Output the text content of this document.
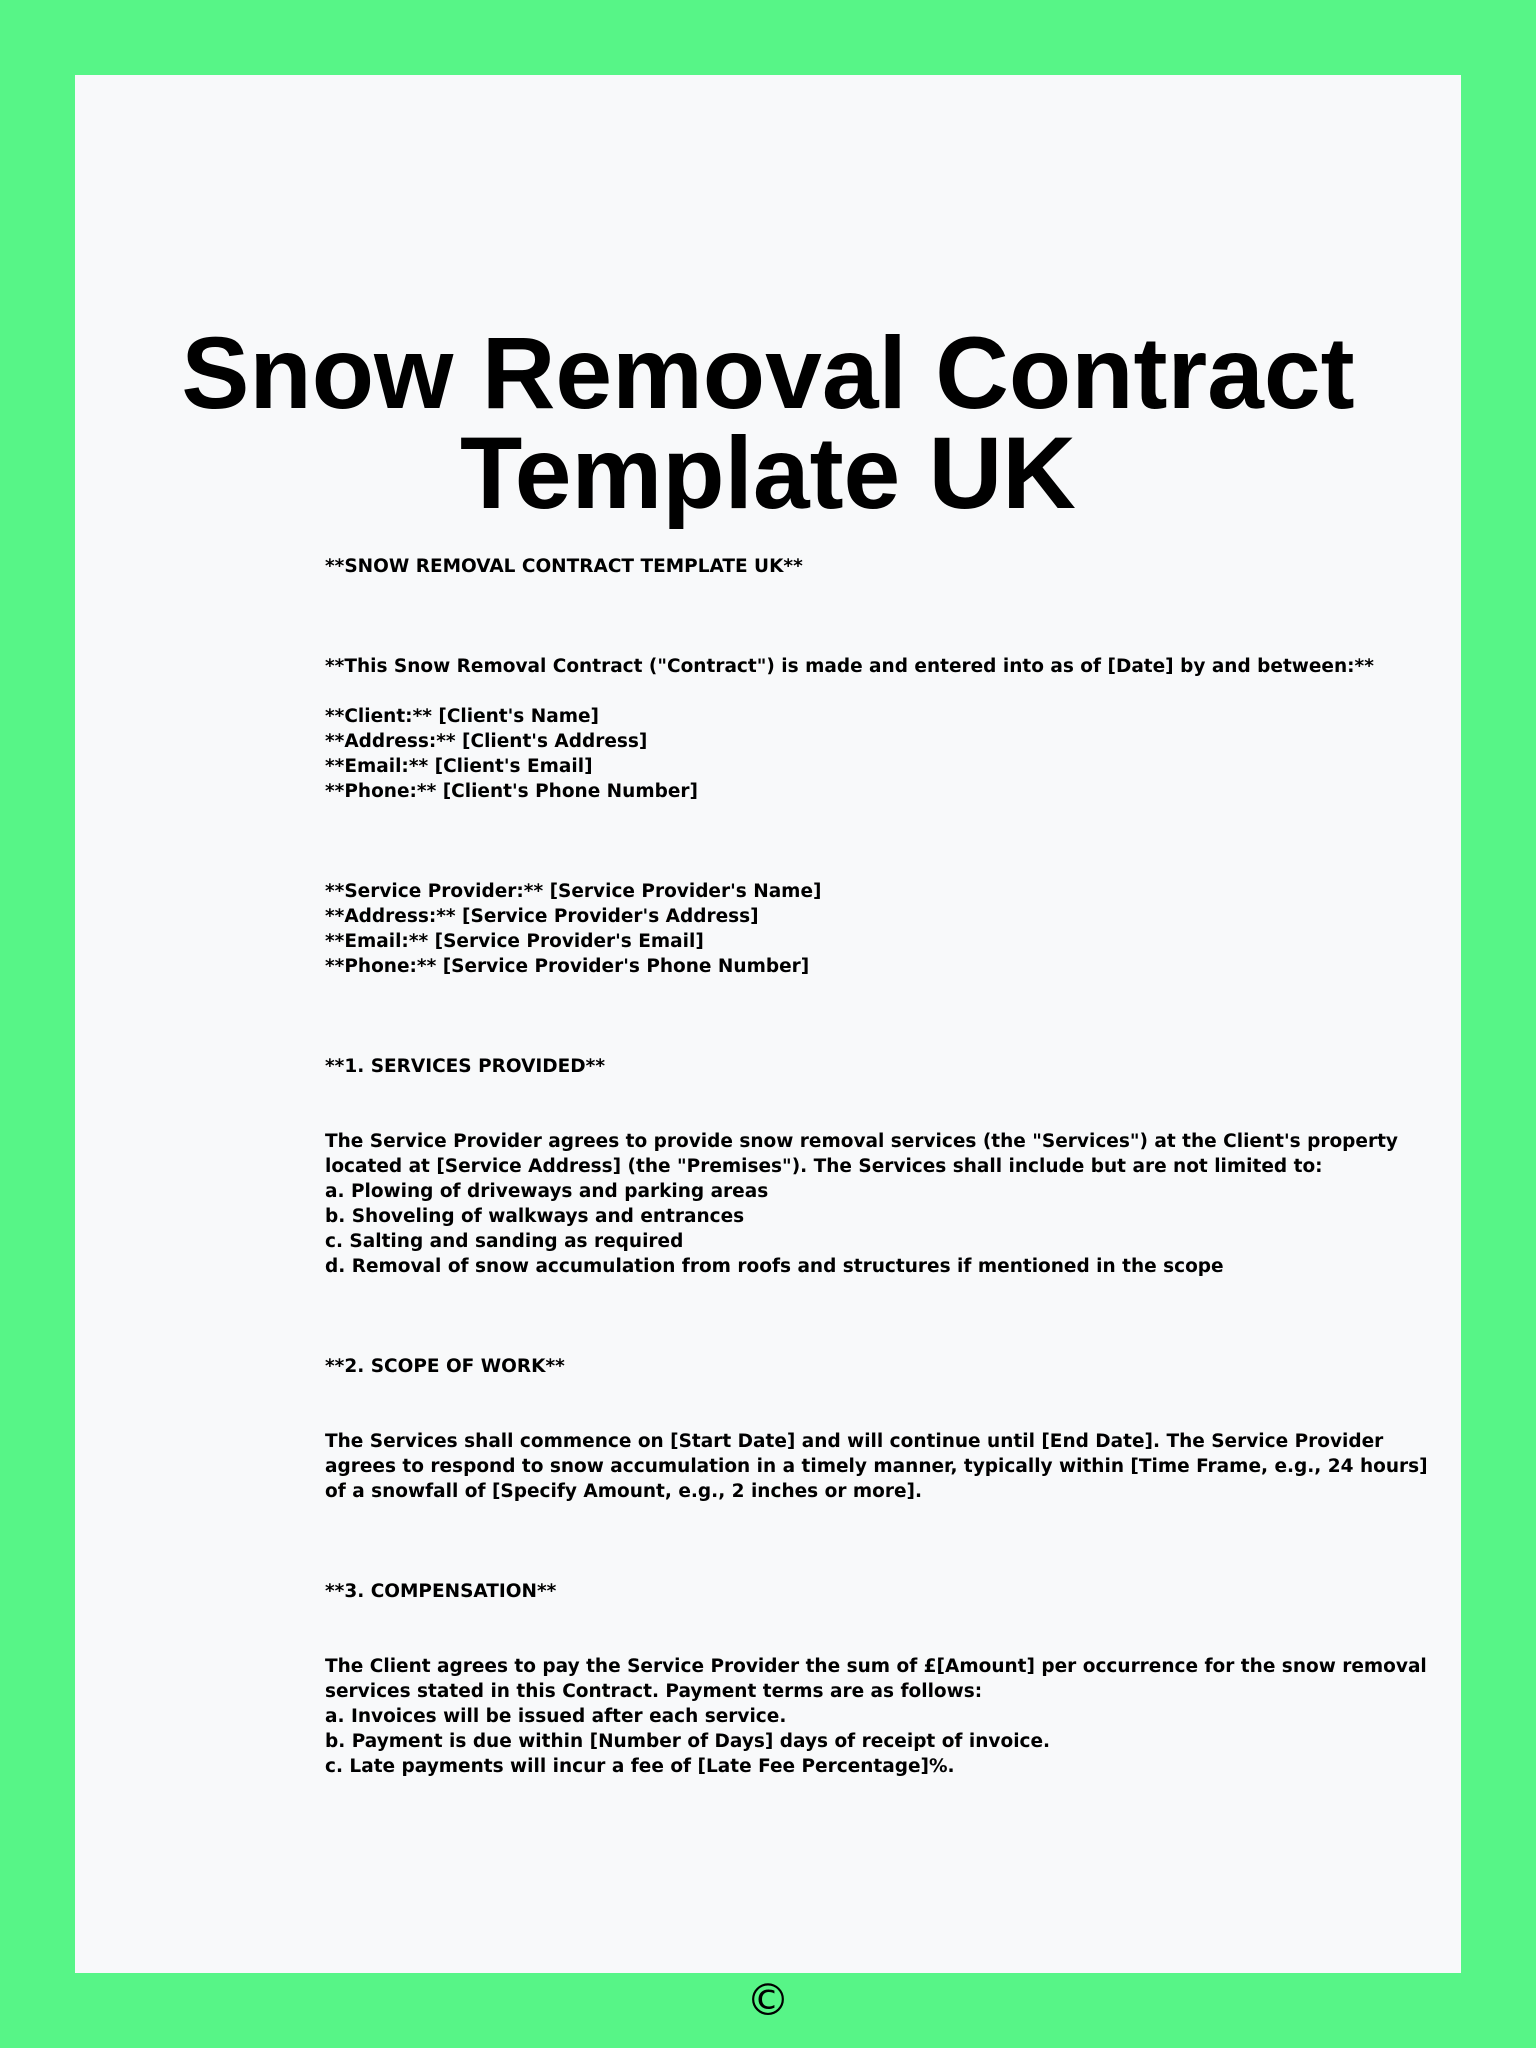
Snow Removal Contract
Template UK
**SNOW REMOVAL CONTRACT TEMPLATE UK**
**This Snow Removal Contract ("Contract") is made and entered into as of [Date] by and between:**
**Client:** [Client's Name]
**Address:** [Client's Address]
**Email:** [Client's Email]
**Phone:** [Client's Phone Number]
**Service Provider:** [Service Provider's Name]
**Address:** [Service Provider's Address]
**Email:** [Service Provider's Email]
**Phone:** [Service Provider's Phone Number]
**1. SERVICES PROVIDED**
The Service Provider agrees to provide snow removal services (the "Services") at the Client's property
located at [Service Address] (the "Premises"). The Services shall include but are not limited to:
a. Plowing of driveways and parking areas
b. Shoveling of walkways and entrances
c. Salting and sanding as required
d. Removal of snow accumulation from roofs and structures if mentioned in the scope
**2. SCOPE OF WORK**
The Services shall commence on [Start Date] and will continue until [End Date]. The Service Provider
agrees to respond to snow accumulation in a timely manner, typically within [Time Frame, e.g., 24 hours]
of a snowfall of [Specify Amount, e.g., 2 inches or more].
**3. COMPENSATION**
The Client agrees to pay the Service Provider the sum of £[Amount] per occurrence for the snow removal
services stated in this Contract. Payment terms are as follows:
a. Invoices will be issued after each service.
b. Payment is due within [Number of Days] days of receipt of invoice.
c. Late payments will incur a fee of [Late Fee Percentage]%.
©
